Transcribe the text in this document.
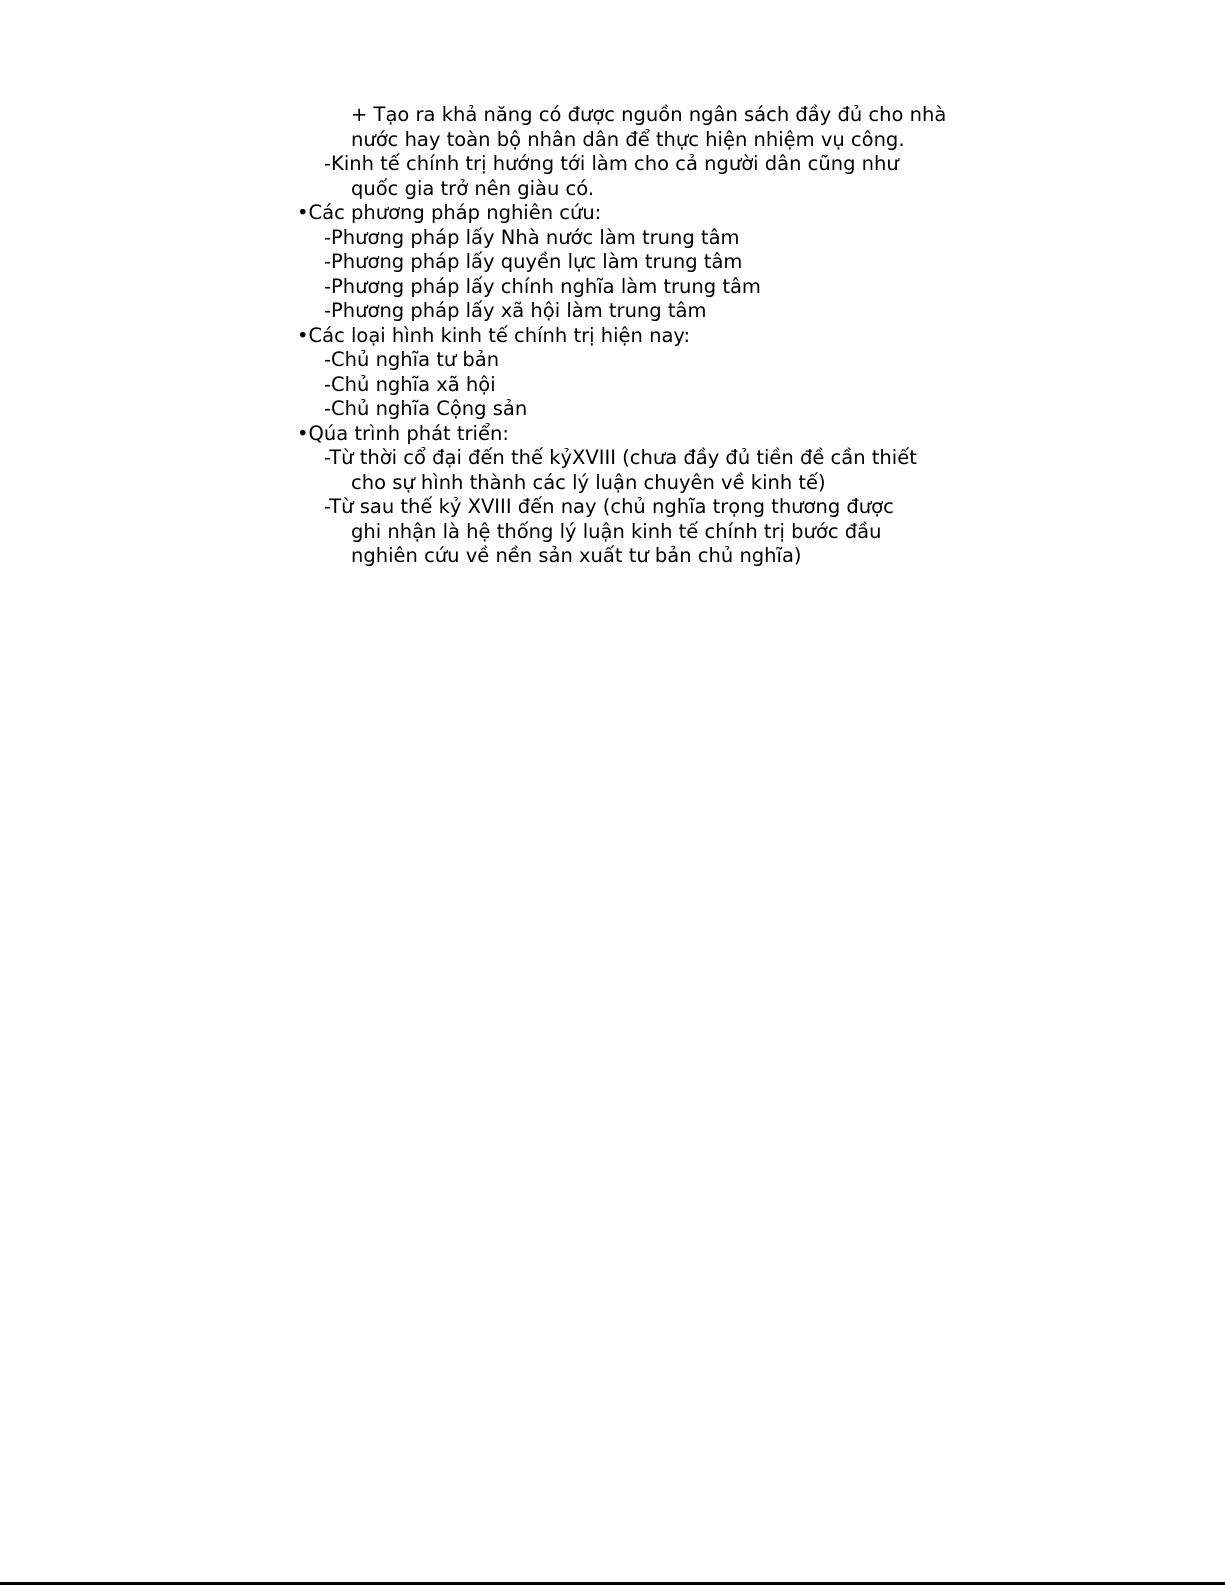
+ Tạo ra khả năng có được nguồn ngân sách đầy đủ cho nhà
nước hay toàn bộ nhân dân để thực hiện nhiệm vụ công.
-Kinh tế chính trị hướng tới làm cho cả người dân cũng như
quốc gia trở nên giàu có.
•Các phương pháp nghiên cứu:
-Phương pháp lấy Nhà nước làm trung tâm
-Phương pháp lấy quyền lực làm trung tâm
-Phương pháp lấy chính nghĩa làm trung tâm
-Phương pháp lấy xã hội làm trung tâm
•Các loại hình kinh tế chính trị hiện nay:
-Chủ nghĩa tư bản
-Chủ nghĩa xã hội
-Chủ nghĩa Cộng sản
•Qúa trình phát triển:
-Từ thời cổ đại đến thế kỷXVIII (chưa đầy đủ tiền đề cần thiết
cho sự hình thành các lý luận chuyên về kinh tế)
-Từ sau thế kỷ XVIII đến nay (chủ nghĩa trọng thương được
ghi nhận là hệ thống lý luận kinh tế chính trị bước đầu
nghiên cứu về nền sản xuất tư bản chủ nghĩa)
